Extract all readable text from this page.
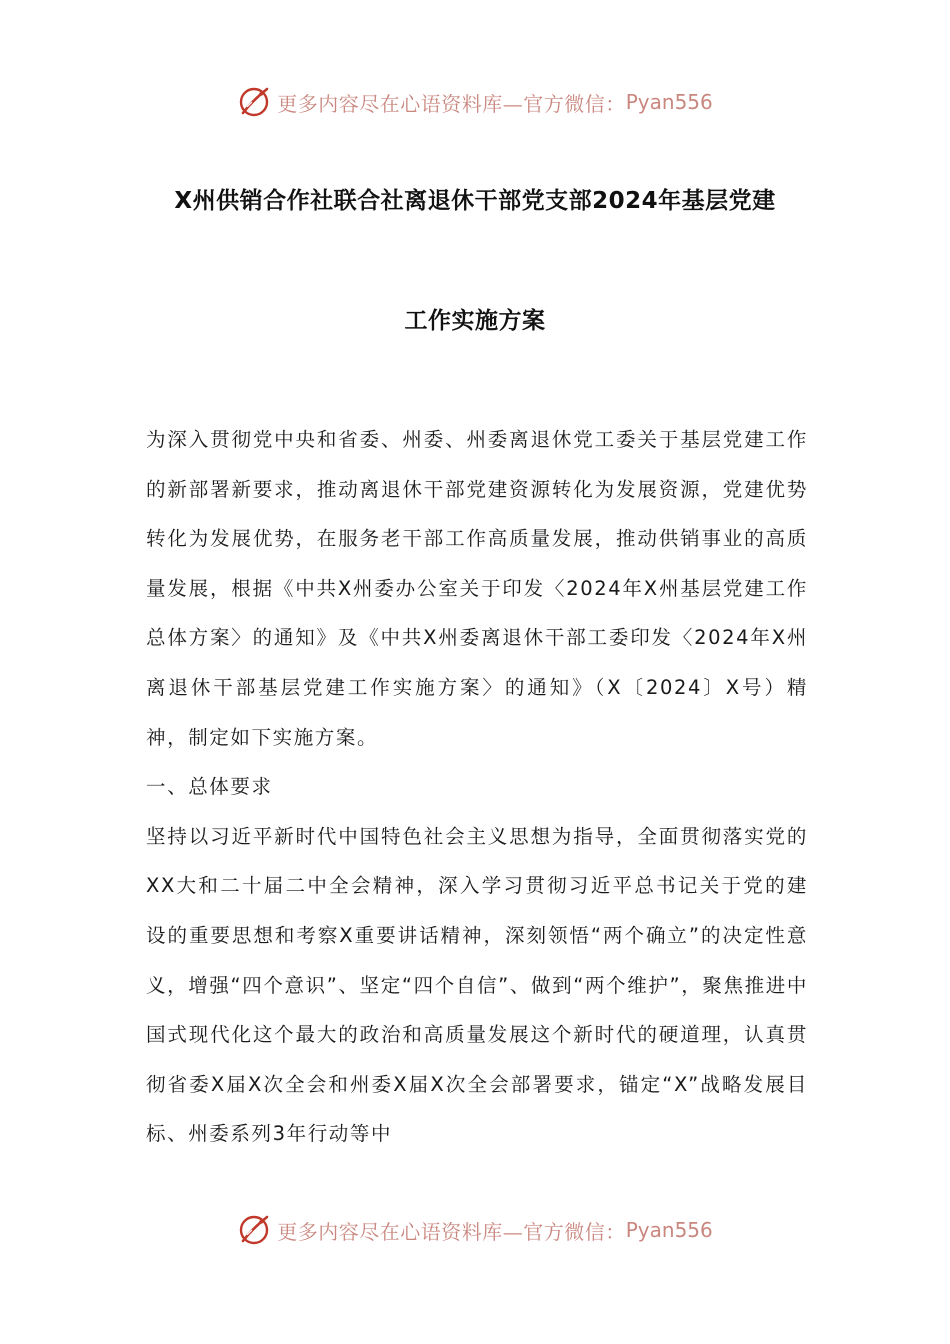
更多内容尽在心语资料库—官方微信： Pyan556
X州供销合作社联合社离退休干部党支部2024年基层党建
工作实施方案

为深入贯彻党中央和省委、州委、州委离退休党工委关于基层党建工作的新部署新要求，推动离退休干部党建资源转化为发展资源，党建优势转化为发展优势，在服务老干部工作高质量发展，推动供销事业的高质量发展，根据《中共X州委办公室关于印发〈2024年X州基层党建工作总体方案〉的通知》及《中共X州委离退休干部工委印发〈2024年X州离退休干部基层党建工作实施方案〉的通知》（X〔2024〕X号）精神，制定如下实施方案。

一、总体要求

坚持以习近平新时代中国特色社会主义思想为指导，全面贯彻落实党的XX大和二十届二中全会精神，深入学习贯彻习近平总书记关于党的建设的重要思想和考察X重要讲话精神，深刻领悟“两个确立”的决定性意义，增强“四个意识”、坚定“四个自信”、做到“两个维护”，聚焦推进中国式现代化这个最大的政治和高质量发展这个新时代的硬道理，认真贯彻省委X届X次全会和州委X届X次全会部署要求，锚定“X”战略发展目标、州委系列3年行动等中

更多内容尽在心语资料库—官方微信： Pyan556
